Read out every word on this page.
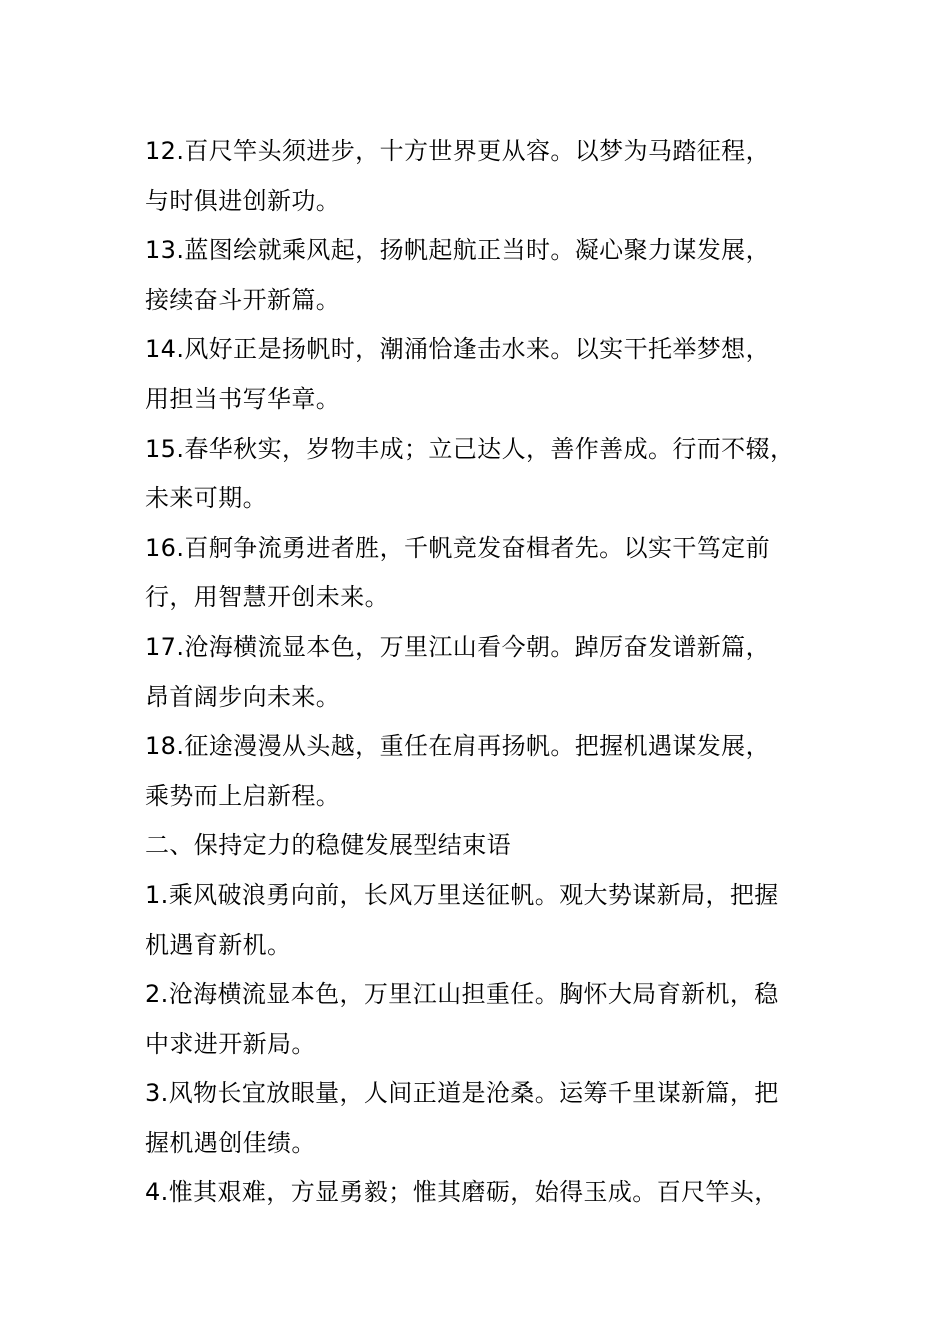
12.百尺竿头须进步，十方世界更从容。以梦为马踏征程，
与时俱进创新功。
13.蓝图绘就乘风起，扬帆起航正当时。凝心聚力谋发展，
接续奋斗开新篇。
14.风好正是扬帆时，潮涌恰逢击水来。以实干托举梦想，
用担当书写华章。
15.春华秋实，岁物丰成；立己达人，善作善成。行而不辍，
未来可期。
16.百舸争流勇进者胜，千帆竞发奋楫者先。以实干笃定前
行，用智慧开创未来。
17.沧海横流显本色，万里江山看今朝。踔厉奋发谱新篇，
昂首阔步向未来。
18.征途漫漫从头越，重任在肩再扬帆。把握机遇谋发展，
乘势而上启新程。
二、保持定力的稳健发展型结束语
1.乘风破浪勇向前，长风万里送征帆。观大势谋新局，把握
机遇育新机。
2.沧海横流显本色，万里江山担重任。胸怀大局育新机，稳
中求进开新局。
3.风物长宜放眼量，人间正道是沧桑。运筹千里谋新篇，把
握机遇创佳绩。
4.惟其艰难，方显勇毅；惟其磨砺，始得玉成。百尺竿头，
